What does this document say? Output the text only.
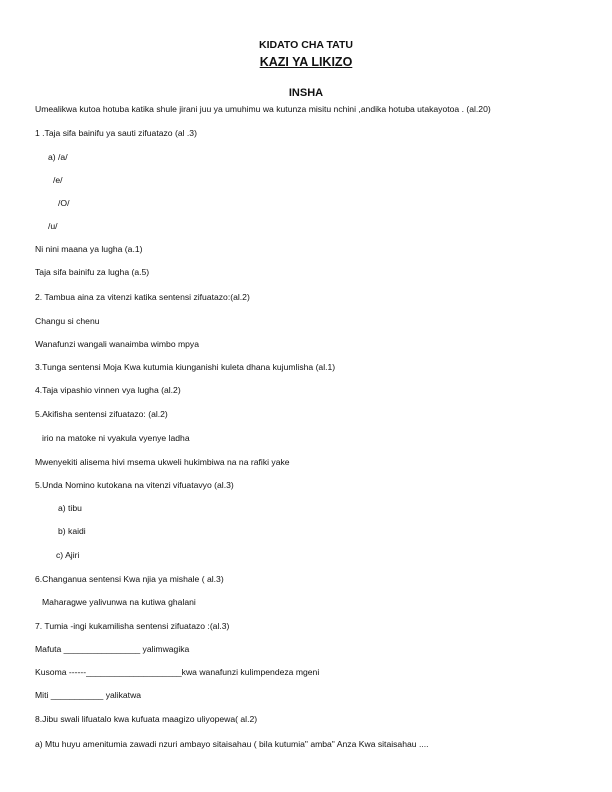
KIDATO CHA TATU
KAZI YA LIKIZO
INSHA
Umealikwa kutoa hotuba katika shule jirani juu ya umuhimu wa kutunza misitu nchini ,andika hotuba utakayotoa . (al.20)
1 .Taja sifa bainifu ya sauti zifuatazo (al .3)
a) /a/
/e/
/O/
/u/
Ni nini maana ya lugha (a.1)
Taja sifa bainifu za lugha (a.5)
2. Tambua aina za vitenzi katika sentensi zifuatazo:(al.2)
Changu si chenu
Wanafunzi wangali wanaimba wimbo mpya
3.Tunga sentensi Moja Kwa kutumia kiunganishi kuleta dhana kujumlisha (al.1)
4.Taja vipashio vinnen vya lugha (al.2)
5.Akifisha sentensi zifuatazo: (al.2)
irio na matoke ni vyakula vyenye ladha
Mwenyekiti alisema hivi msema ukweli hukimbiwa na na rafiki yake
5.Unda Nomino kutokana na vitenzi vifuatavyo (al.3)
a) tibu
b) kaidi
c) Ajiri
6.Changanua sentensi Kwa njia ya mishale ( al.3)
Maharagwe yalivunwa na kutiwa ghalani
7. Tumia -ingi kukamilisha sentensi zifuatazo :(al.3)
Mafuta ________________ yalimwagika
Kusoma ------____________________kwa wanafunzi kulimpendeza mgeni
Miti ___________ yalikatwa
8.Jibu swali lifuatalo kwa kufuata maagizo uliyopewa( al.2)
a) Mtu huyu amenitumia zawadi nzuri ambayo sitaisahau ( bila kutumia" amba" Anza Kwa sitaisahau ....
